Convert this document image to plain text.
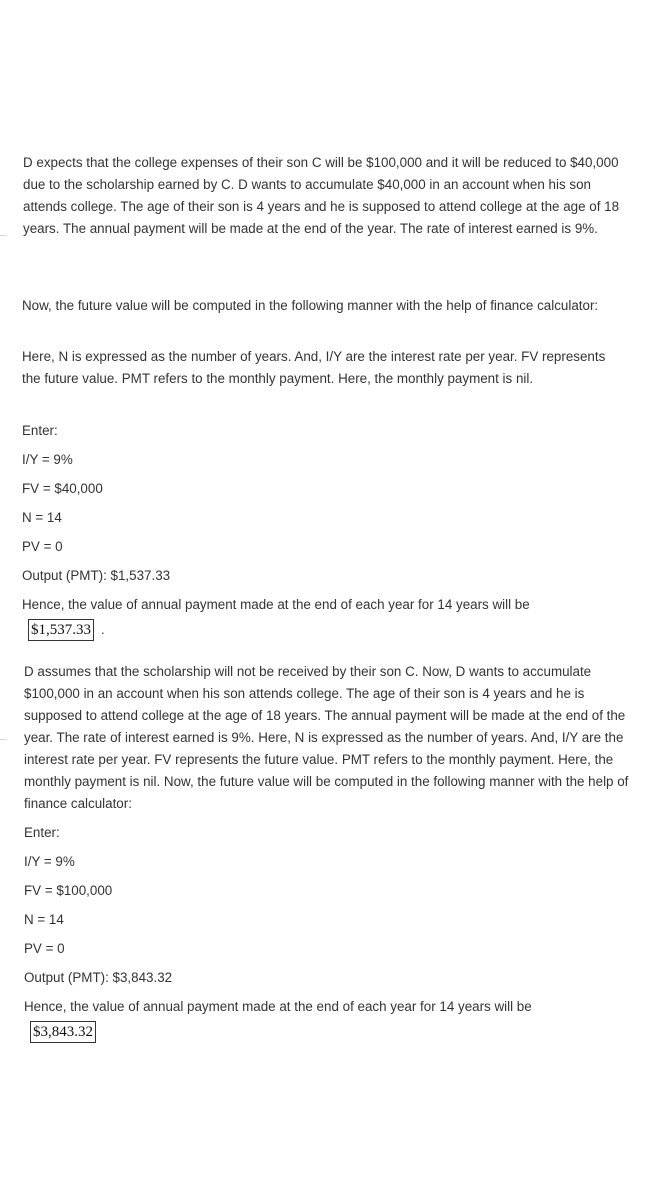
D expects that the college expenses of their son C will be $100,000 and it will be reduced to $40,000 due to the scholarship earned by C. D wants to accumulate $40,000 in an account when his son attends college. The age of their son is 4 years and he is supposed to attend college at the age of 18 years. The annual payment will be made at the end of the year. The rate of interest earned is 9%.

Now, the future value will be computed in the following manner with the help of finance calculator:

Here, N is expressed as the number of years. And, I/Y are the interest rate per year. FV represents the future value. PMT refers to the monthly payment. Here, the monthly payment is nil.

Enter:

I/Y = 9%

FV = $40,000

N = 14

PV = 0

Output (PMT): $1,537.33

Hence, the value of annual payment made at the end of each year for 14 years will be

$1,537.33 .

D assumes that the scholarship will not be received by their son C. Now, D wants to accumulate $100,000 in an account when his son attends college. The age of their son is 4 years and he is supposed to attend college at the age of 18 years. The annual payment will be made at the end of the year. The rate of interest earned is 9%. Here, N is expressed as the number of years. And, I/Y are the interest rate per year. FV represents the future value. PMT refers to the monthly payment. Here, the monthly payment is nil. Now, the future value will be computed in the following manner with the help of finance calculator:

Enter:

I/Y = 9%

FV = $100,000

N = 14

PV = 0

Output (PMT): $3,843.32

Hence, the value of annual payment made at the end of each year for 14 years will be

$3,843.32
